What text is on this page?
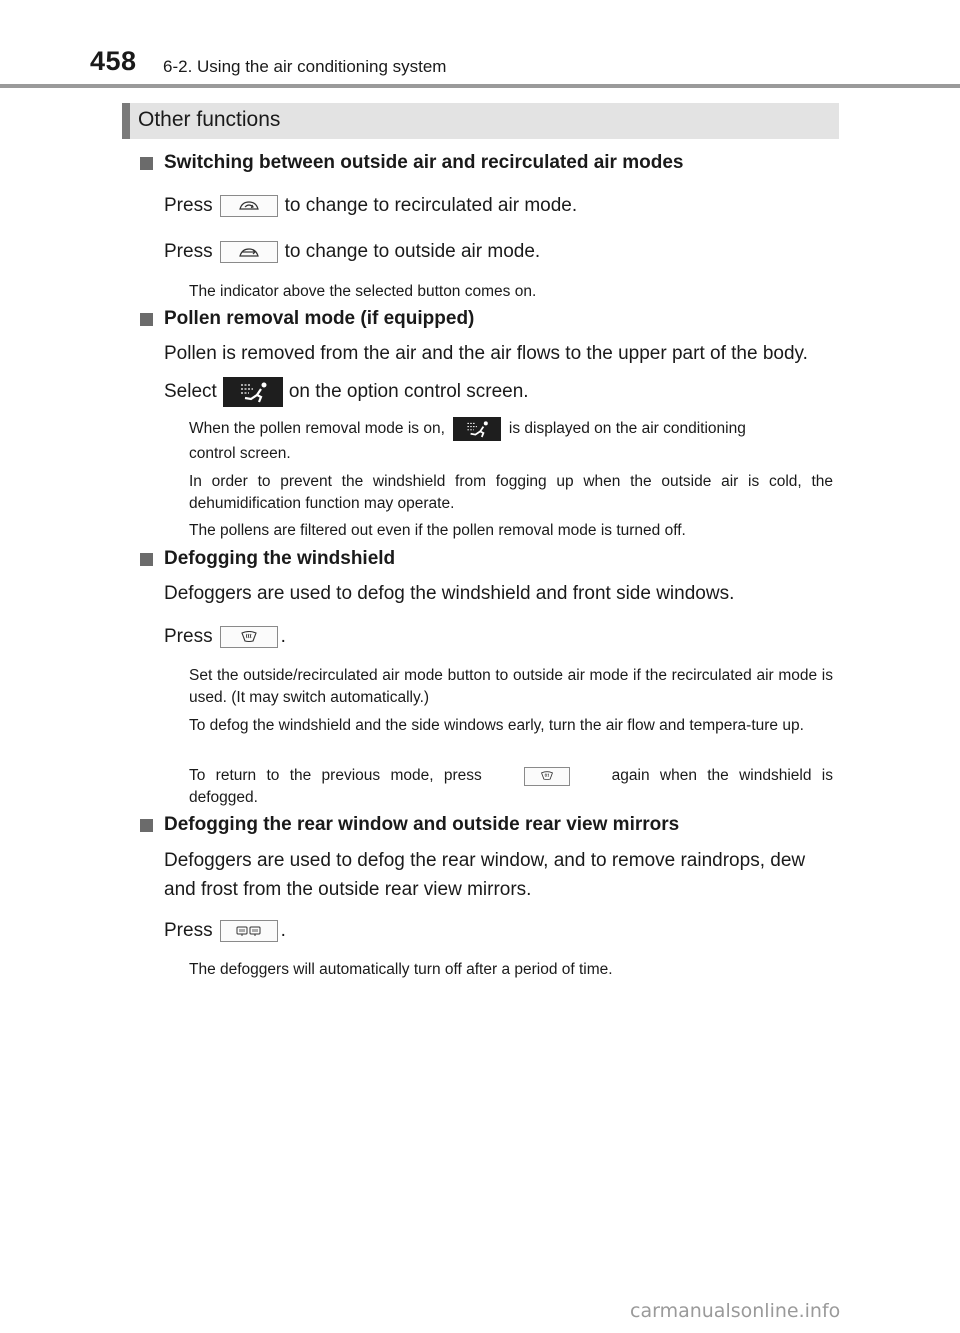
458 6-2. Using the air conditioning system
Other functions
Switching between outside air and recirculated air modes
Press	to change to recirculated air mode.
Press	to change to outside air mode.
The indicator above the selected button comes on.
Pollen removal mode (if equipped)
Pollen is removed from the air and the air flows to the upper part of the body.
Select	on the option control screen.
When the pollen removal mode is on,	is displayed on the air conditioning
control screen.
In order to prevent the windshield from fogging up when the outside air is cold, the dehumidification function may operate.
The pollens are filtered out even if the pollen removal mode is turned off.
Defogging the windshield
Defoggers are used to defog the windshield and front side windows.
Press	.
Set the outside/recirculated air mode button to outside air mode if the recirculated air mode is used. (It may switch automatically.)
To defog the windshield and the side windows early, turn the air flow and tempera-ture up.
To return to the previous mode, press	again when the windshield is
defogged.
Defogging the rear window and outside rear view mirrors
Defoggers are used to defog the rear window, and to remove raindrops, dew and frost from the outside rear view mirrors.
Press	.
The defoggers will automatically turn off after a period of time.
carmanualsonline.info
